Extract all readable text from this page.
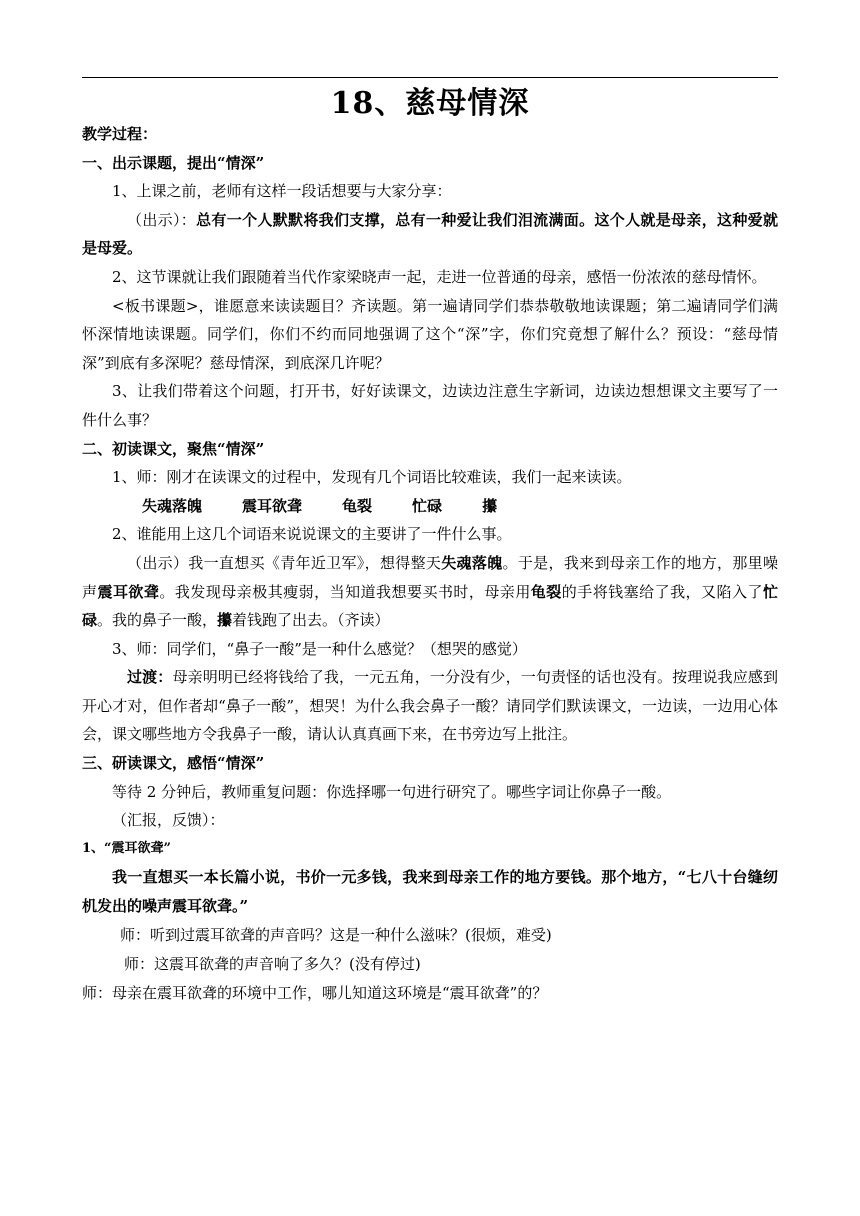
18、慈母情深

教学过程：

一、出示课题，提出“情深”

1、上课之前，老师有这样一段话想要与大家分享：

（出示）：总有一个人默默将我们支撑，总有一种爱让我们泪流满面。这个人就是母亲，这种爱就是母爱。

2、这节课就让我们跟随着当代作家梁晓声一起，走进一位普通的母亲，感悟一份浓浓的慈母情怀。

<板书课题>，谁愿意来读读题目？齐读题。第一遍请同学们恭恭敬敬地读课题；第二遍请同学们满怀深情地读课题。同学们，你们不约而同地强调了这个“深”字，你们究竟想了解什么？预设：“慈母情深”到底有多深呢？慈母情深，到底深几许呢？

3、让我们带着这个问题，打开书，好好读课文，边读边注意生字新词，边读边想想课文主要写了一件什么事？

二、初读课文，聚焦“情深”

1、师：刚才在读课文的过程中，发现有几个词语比较难读，我们一起来读读。

失魂落魄	震耳欲聋	龟裂	忙碌	攥

2、谁能用上这几个词语来说说课文的主要讲了一件什么事。

（出示）我一直想买《青年近卫军》，想得整天失魂落魄。于是，我来到母亲工作的地方，那里噪声震耳欲聋。我发现母亲极其瘦弱，当知道我想要买书时，母亲用龟裂的手将钱塞给了我，又陷入了忙碌。我的鼻子一酸，攥着钱跑了出去。（齐读）

3、师：同学们，“鼻子一酸”是一种什么感觉？（想哭的感觉）

过渡：母亲明明已经将钱给了我，一元五角，一分没有少，一句责怪的话也没有。按理说我应感到开心才对，但作者却“鼻子一酸”，想哭！为什么我会鼻子一酸？请同学们默读课文，一边读，一边用心体会，课文哪些地方令我鼻子一酸，请认认真真画下来，在书旁边写上批注。

三、研读课文，感悟“情深”

等待 2 分钟后，教师重复问题：你选择哪一句进行研究了。哪些字词让你鼻子一酸。

（汇报，反馈）：

1、“震耳欲聋”

我一直想买一本长篇小说，书价一元多钱，我来到母亲工作的地方要钱。那个地方，“七八十台缝纫机发出的噪声震耳欲聋。”

师：听到过震耳欲聋的声音吗？这是一种什么滋味？(很烦，难受)

师：这震耳欲聋的声音响了多久？(没有停过)

师：母亲在震耳欲聋的环境中工作，哪儿知道这环境是“震耳欲聋”的？
